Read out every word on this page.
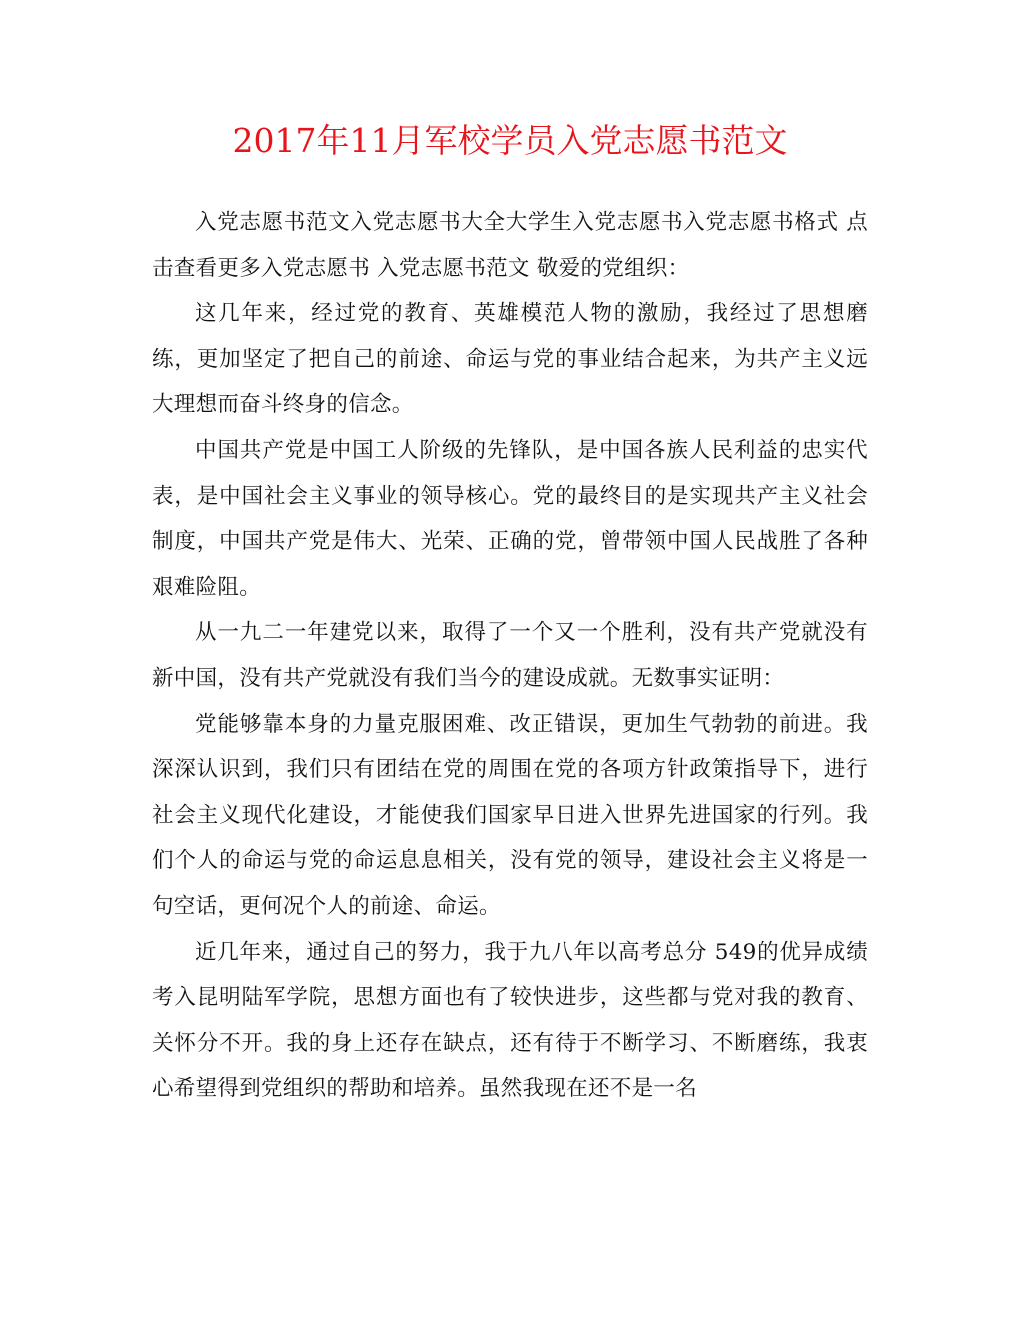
2017年11月军校学员入党志愿书范文

入党志愿书范文入党志愿书大全大学生入党志愿书入党志愿书格式 点击查看更多入党志愿书 入党志愿书范文 敬爱的党组织：

这几年来，经过党的教育、英雄模范人物的激励，我经过了思想磨练，更加坚定了把自己的前途、命运与党的事业结合起来，为共产主义远大理想而奋斗终身的信念。

中国共产党是中国工人阶级的先锋队，是中国各族人民利益的忠实代表，是中国社会主义事业的领导核心。党的最终目的是实现共产主义社会制度，中国共产党是伟大、光荣、正确的党，曾带领中国人民战胜了各种艰难险阻。

从一九二一年建党以来，取得了一个又一个胜利，没有共产党就没有新中国，没有共产党就没有我们当今的建设成就。无数事实证明：

党能够靠本身的力量克服困难、改正错误，更加生气勃勃的前进。我深深认识到，我们只有团结在党的周围在党的各项方针政策指导下，进行社会主义现代化建设，才能使我们国家早日进入世界先进国家的行列。我们个人的命运与党的命运息息相关，没有党的领导，建设社会主义将是一句空话，更何况个人的前途、命运。

近几年来，通过自己的努力，我于九八年以高考总分 549的优异成绩考入昆明陆军学院，思想方面也有了较快进步，这些都与党对我的教育、关怀分不开。我的身上还存在缺点，还有待于不断学习、不断磨练，我衷心希望得到党组织的帮助和培养。虽然我现在还不是一名
